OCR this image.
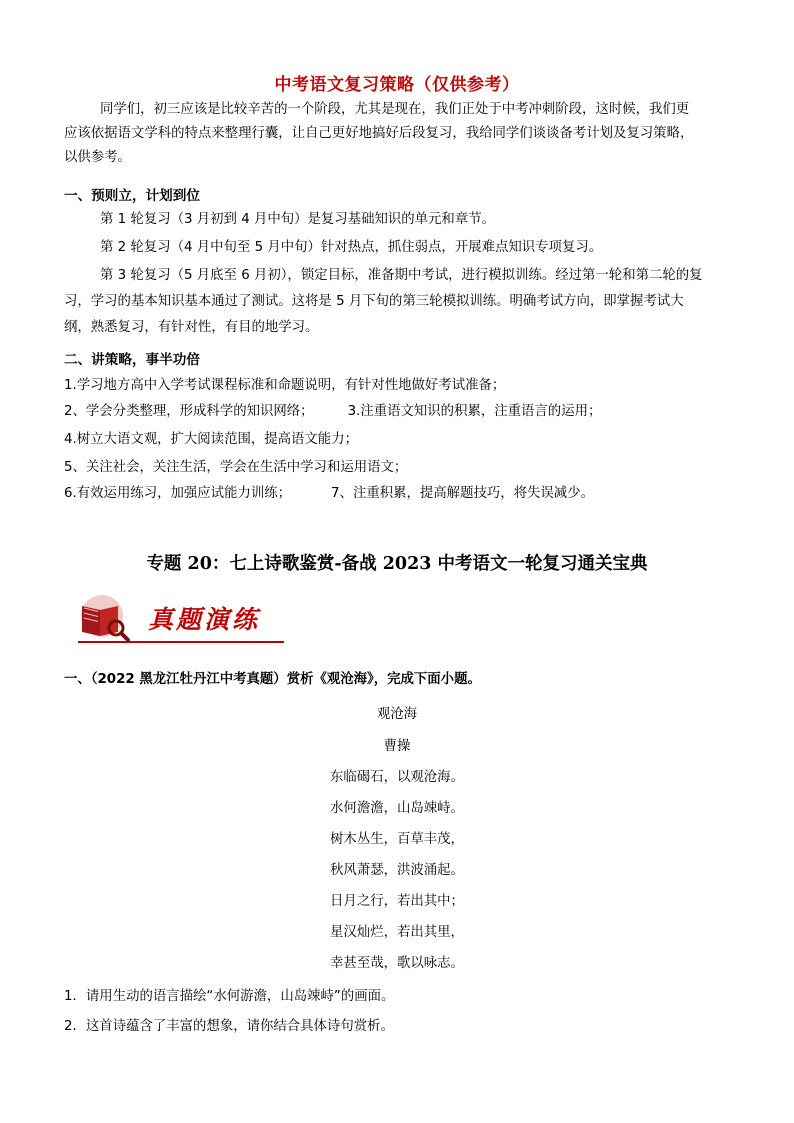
中考语文复习策略（仅供参考）
同学们，初三应该是比较辛苦的一个阶段，尤其是现在，我们正处于中考冲刺阶段，这时候，我们更
应该依据语文学科的特点来整理行囊，让自己更好地搞好后段复习，我给同学们谈谈备考计划及复习策略，
以供参考。
一、预则立，计划到位
第 1 轮复习（3 月初到 4 月中旬）是复习基础知识的单元和章节。
第 2 轮复习（4 月中旬至 5 月中旬）针对热点，抓住弱点，开展难点知识专项复习。
第 3 轮复习（5 月底至 6 月初），锁定目标，准备期中考试，进行模拟训练。经过第一轮和第二轮的复
习，学习的基本知识基本通过了测试。这将是 5 月下旬的第三轮模拟训练。明确考试方向，即掌握考试大
纲，熟悉复习，有针对性，有目的地学习。
二、讲策略，事半功倍
1.学习地方高中入学考试课程标准和命题说明，有针对性地做好考试准备；
2、学会分类整理，形成科学的知识网络；	3.注重语文知识的积累，注重语言的运用；
4.树立大语文观，扩大阅读范围，提高语文能力；
5、关注社会，关注生活，学会在生活中学习和运用语文；
6.有效运用练习，加强应试能力训练；	7、注重积累，提高解题技巧，将失误减少。
专题 20：七上诗歌鉴赏-备战 2023 中考语文一轮复习通关宝典
真题演练
一、（2022 黑龙江牡丹江中考真题）赏析《观沧海》，完成下面小题。
观沧海
曹操
东临碣石，以观沧海。
水何澹澹，山岛竦峙。
树木丛生，百草丰茂，
秋风萧瑟，洪波涌起。
日月之行，若出其中；
星汉灿烂，若出其里，
幸甚至哉，歌以咏志。
1．请用生动的语言描绘“水何游澹，山岛竦峙”的画面。
2．这首诗蕴含了丰富的想象，请你结合具体诗句赏析。
